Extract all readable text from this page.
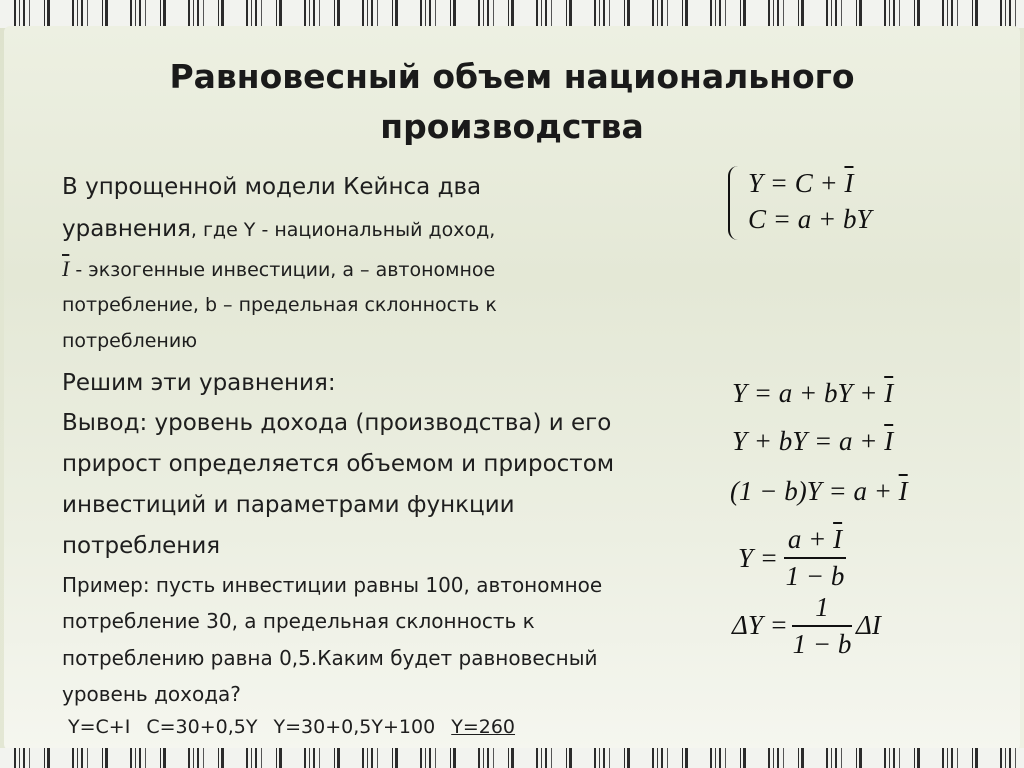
Равновесный объем национального
производства
В упрощенной модели Кейнса два
уравнения, где Y - национальный доход,
$\overline{I}$ - экзогенные инвестиции, a – автономное
потребление, b – предельная склонность к
потреблению
Решим эти уравнения:
Вывод: уровень дохода (производства) и его
прирост определяется объемом и приростом
инвестиций и параметрами функции
потребления
Пример: пусть инвестиции равны 100, автономное
потребление 30, а предельная склонность к
потреблению равна 0,5.Каким будет равновесный
уровень дохода?
Y=C+I C=30+0,5Y Y=30+0,5Y+100 Y=260
$Y = C + \overline{I}$
C = a + bY
Y = a + bY + $\overline{I}$
Y + bY = $a + \overline{I}$
$(1 - b)Y = a + \overline{I}$
Y =
$a + \overline{I}$
1 − b
ΔY =
1
1 − b
ΔI
